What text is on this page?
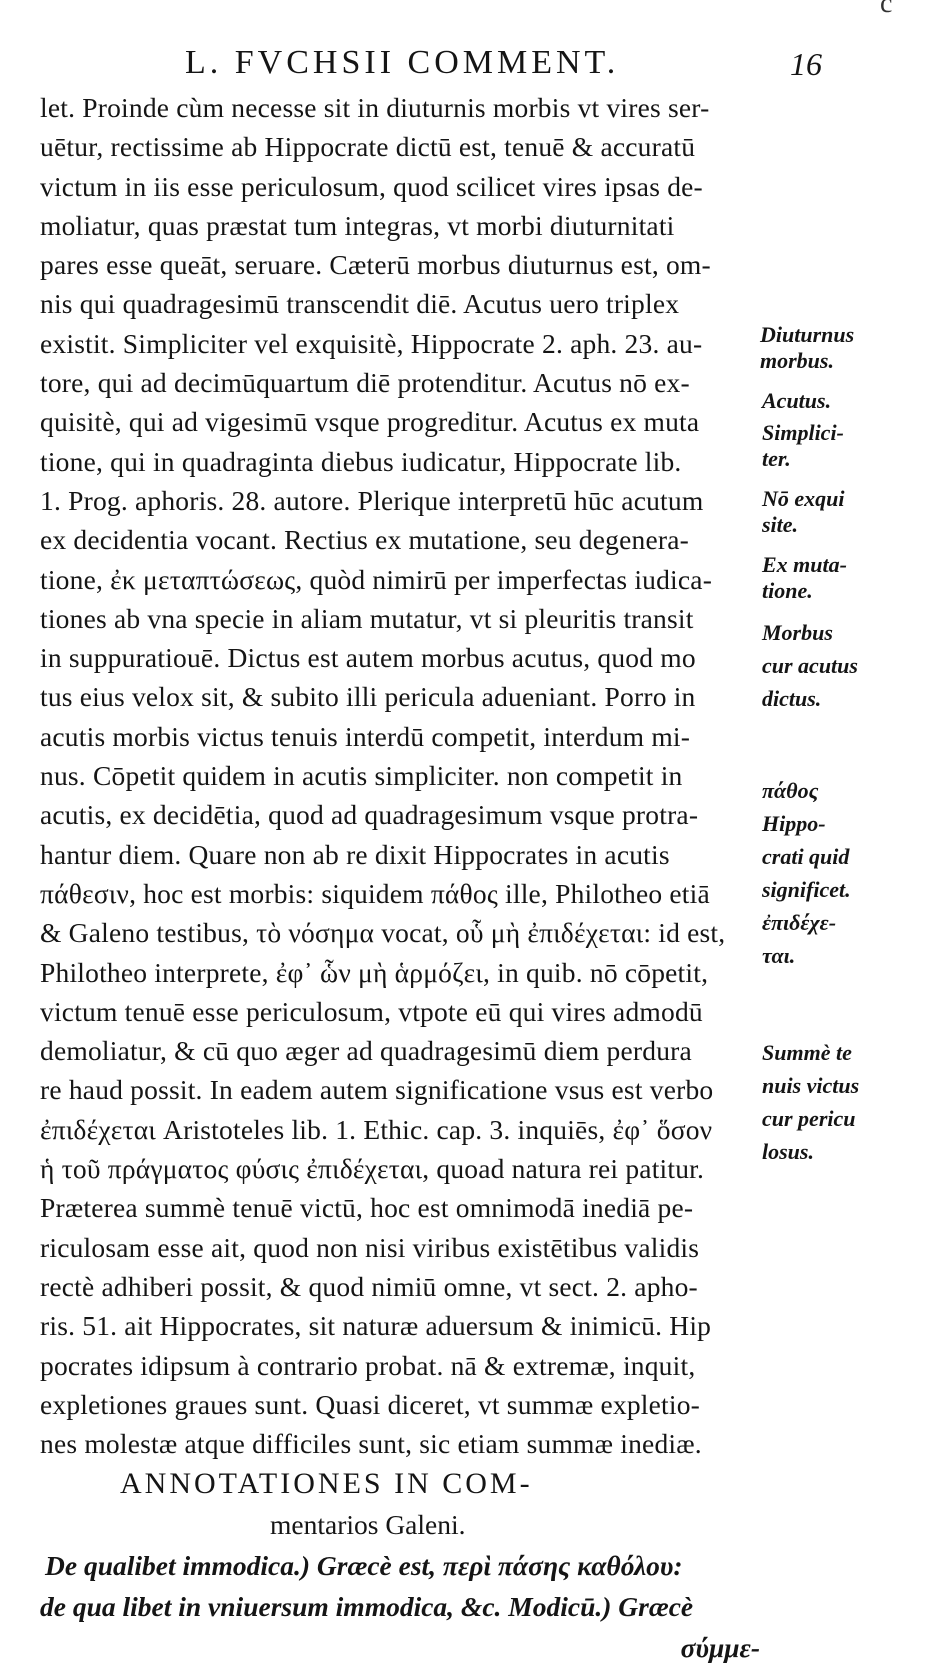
c
L. FVCHSII COMMENT.	16
let. Proinde cùm necesse sit in diuturnis morbis vt vires ser-
uētur, rectissime ab Hippocrate dictū est, tenuē & accuratū
victum in iis esse periculosum, quod scilicet vires ipsas de-
moliatur, quas præstat tum integras, vt morbi diuturnitati
pares esse queāt, seruare. Cæterū morbus diuturnus est, om-
nis qui quadragesimū transcendit diē. Acutus uero triplex
existit. Simpliciter vel exquisitè, Hippocrate 2. aph. 23. au-
tore, qui ad decimūquartum diē protenditur. Acutus nō ex-
quisitè, qui ad vigesimū vsque progreditur. Acutus ex muta
tione, qui in quadraginta diebus iudicatur, Hippocrate lib.
1. Prog. aphoris. 28. autore. Plerique interpretū hūc acutum
ex decidentia vocant. Rectius ex mutatione, seu degenera-
tione, ἐκ μεταπτώσεως, quòd nimirū per imperfectas iudica-
tiones ab vna specie in aliam mutatur, vt si pleuritis transit
in suppuratiouē. Dictus est autem morbus acutus, quod mo
tus eius velox sit, & subito illi pericula adueniant. Porro in
acutis morbis victus tenuis interdū competit, interdum mi-
nus. Cōpetit quidem in acutis simpliciter. non competit in
acutis, ex decidētia, quod ad quadragesimum vsque protra-
hantur diem. Quare non ab re dixit Hippocrates in acutis
πάθεσιν, hoc est morbis: siquidem πάθος ille, Philotheo etiā
& Galeno testibus, τὸ νόσημα vocat, οὗ μὴ ἐπιδέχεται: id est,
Philotheo interprete, ἐφ᾽ ὧν μὴ ἁρμόζει, in quib. nō cōpetit,
victum tenuē esse periculosum, vtpote eū qui vires admodū
demoliatur, & cū quo æger ad quadragesimū diem perdura
re haud possit. In eadem autem significatione vsus est verbo
ἐπιδέχεται Aristoteles lib. 1. Ethic. cap. 3. inquiēs, ἐφ᾽ ὅσον
ἡ τοῦ πράγματος φύσις ἐπιδέχεται, quoad natura rei patitur.
Præterea summè tenuē victū, hoc est omnimodā inediā pe-
riculosam esse ait, quod non nisi viribus existētibus validis
rectè adhiberi possit, & quod nimiū omne, vt sect. 2. apho-
ris. 51. ait Hippocrates, sit naturæ aduersum & inimicū. Hip
pocrates idipsum à contrario probat. nā & extremæ, inquit,
expletiones graues sunt. Quasi diceret, vt summæ expletio-
nes molestæ atque difficiles sunt, sic etiam summæ inediæ.
ANNOTATIONES IN COM-
mentarios Galeni.
De qualibet immodica.) Græcè est, περὶ πάσης καθόλου:
de qua libet in vniuersum immodica, &c. Modicū.) Græcè
σύμμε-
Diuturnus
morbus.
Acutus.
Simplici-
ter.
Nō exqui
site.
Ex muta-
tione.
Morbus
cur acutus
dictus.
πάθος
Hippo-
crati quid
significet.
ἐπιδέχε-
ται.
Summè te
nuis victus
cur pericu
losus.
